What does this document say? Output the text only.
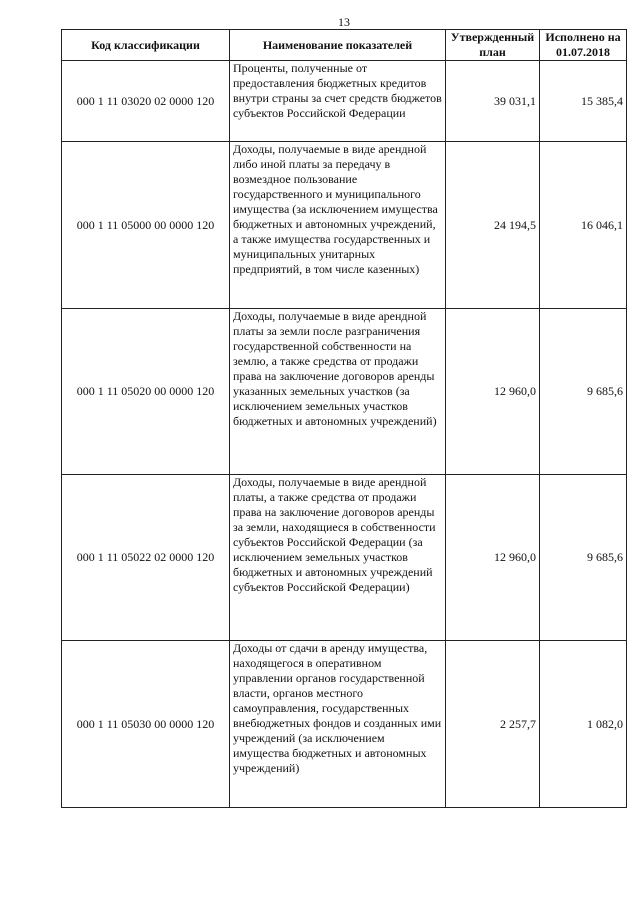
13
Код классификации	Наименование показателей	Утвержденный план	Исполнено на 01.07.2018
000 1 11 03020 02 0000 120	Проценты, полученные от предоставления бюджетных кредитов внутри страны за счет средств бюджетов субъектов Российской Федерации	39 031,1	15 385,4
000 1 11 05000 00 0000 120	Доходы, получаемые в виде арендной либо иной платы за передачу в возмездное пользование государственного и муниципального имущества (за исключением имущества бюджетных и автономных учреждений, а также имущества государственных и муниципальных унитарных предприятий, в том числе казенных)	24 194,5	16 046,1
000 1 11 05020 00 0000 120	Доходы, получаемые в виде арендной платы за земли после разграничения государственной собственности на землю, а также средства от продажи права на заключение договоров аренды указанных земельных участков (за исключением земельных участков бюджетных и автономных учреждений)	12 960,0	9 685,6
000 1 11 05022 02 0000 120	Доходы, получаемые в виде арендной платы, а также средства от продажи права на заключение договоров аренды за земли, находящиеся в собственности субъектов Российской Федерации (за исключением земельных участков бюджетных и автономных учреждений субъектов Российской Федерации)	12 960,0	9 685,6
000 1 11 05030 00 0000 120	Доходы от сдачи в аренду имущества, находящегося в оперативном управлении органов государственной власти, органов местного самоуправления, государственных внебюджетных фондов и созданных ими учреждений (за исключением имущества бюджетных и автономных учреждений)	2 257,7	1 082,0
